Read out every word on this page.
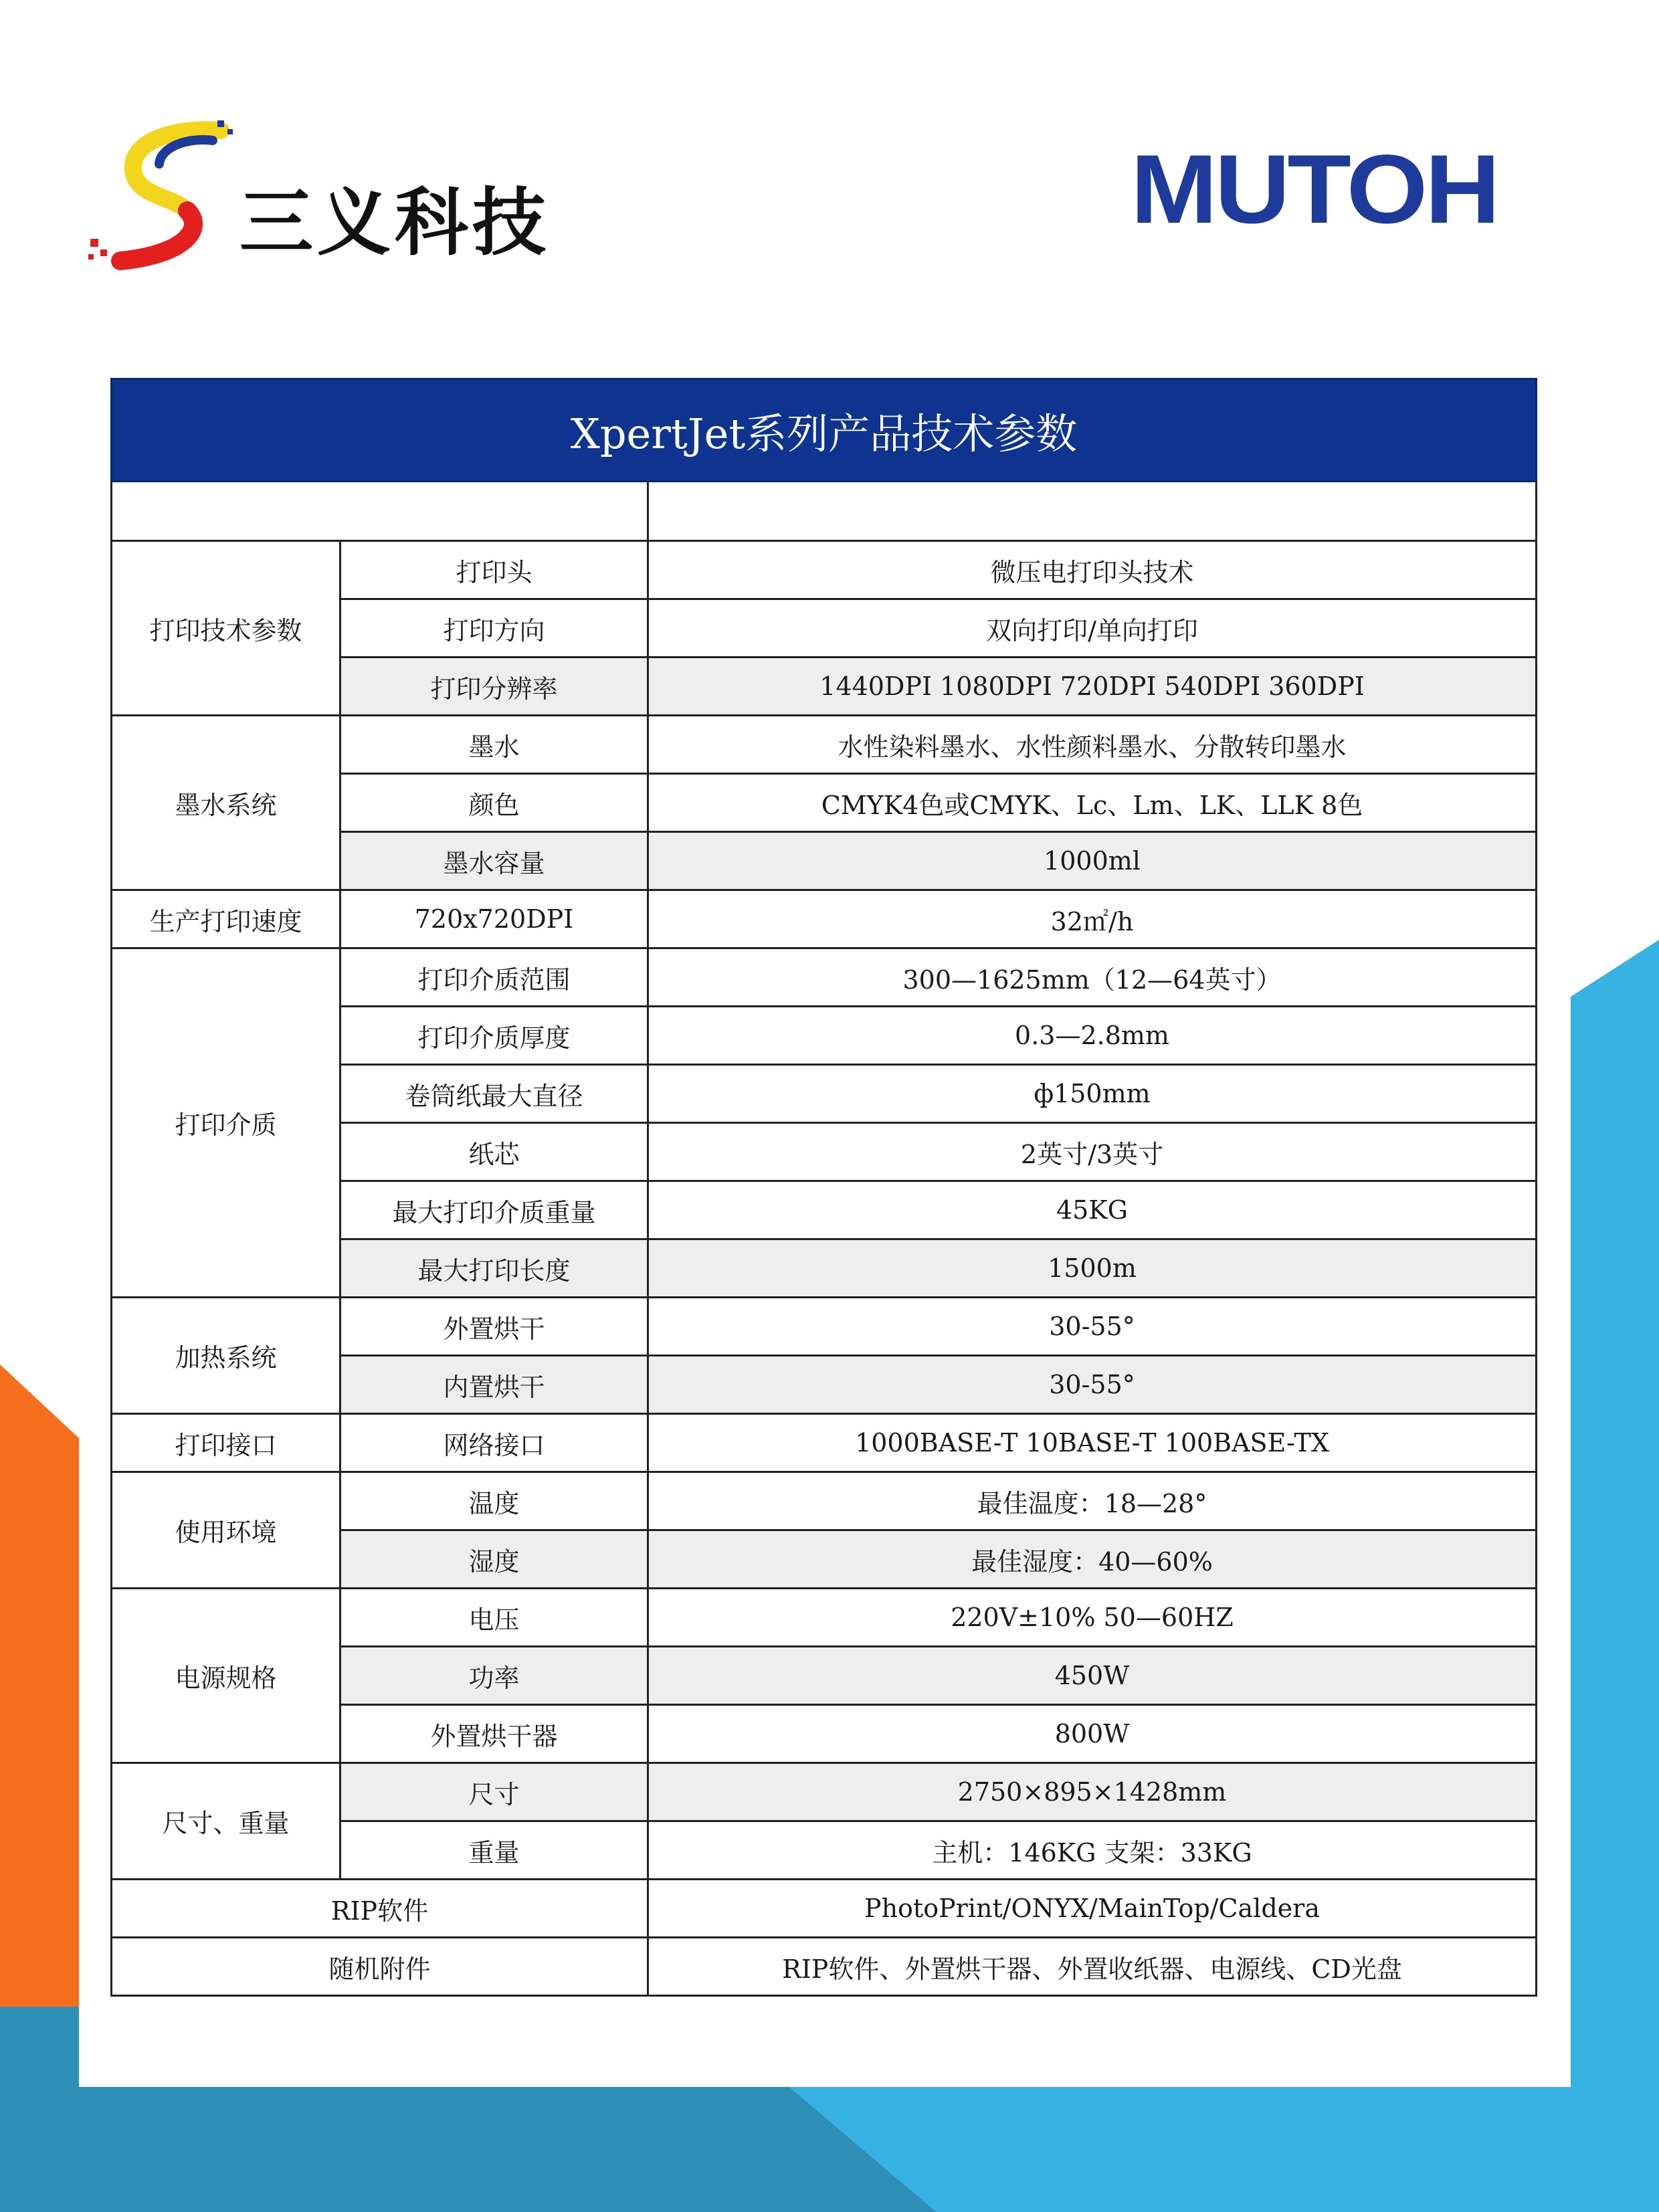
三义科技	MUTOH
XpertJet系列产品技术参数		

打印技术参数	打印头	微压电打印头技术
	打印方向	双向打印/单向打印
	打印分辨率	1440DPI 1080DPI 720DPI 540DPI 360DPI
墨水系统	墨水	水性染料墨水、水性颜料墨水、分散转印墨水
	颜色	CMYK4色或CMYK、Lc、Lm、LK、LLK 8色
	墨水容量	1000ml
生产打印速度	720x720DPI	32㎡/h
打印介质	打印介质范围	300—1625mm（12—64英寸）
	打印介质厚度	0.3—2.8mm
	卷筒纸最大直径	ф150mm
	纸芯	2英寸/3英寸
	最大打印介质重量	45KG
	最大打印长度	1500m
加热系统	外置烘干	30-55°
	内置烘干	30-55°
打印接口	网络接口	1000BASE-T 10BASE-T 100BASE-TX
使用环境	温度	最佳温度：18—28°
	湿度	最佳湿度：40—60%
电源规格	电压	220V±10% 50—60HZ
	功率	450W
	外置烘干器	800W
尺寸、重量	尺寸	2750×895×1428mm
	重量	主机：146KG 支架：33KG
RIP软件		PhotoPrint/ONYX/MainTop/Caldera
随机附件		RIP软件、外置烘干器、外置收纸器、电源线、CD光盘
